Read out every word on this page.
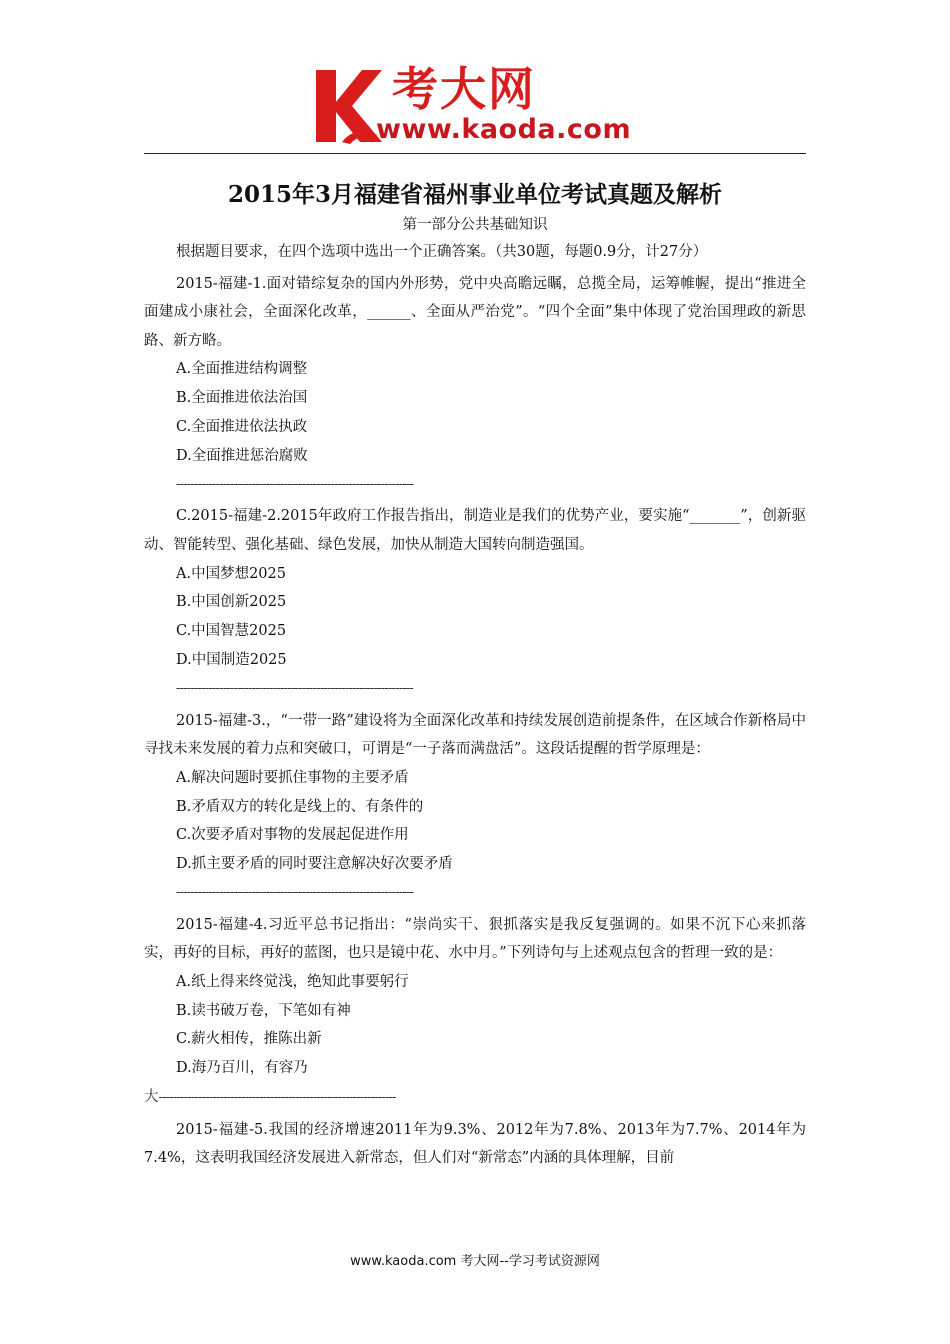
考大网
www.kaoda.com
2015年3月福建省福州事业单位考试真题及解析
第一部分公共基础知识

根据题目要求，在四个选项中选出一个正确答案。（共30题，每题0.9分，计27分）

2015-福建-1.面对错综复杂的国内外形势，党中央高瞻远瞩，总揽全局，运筹帷幄，提出“推进全面建成小康社会，全面深化改革，______、全面从严治党”。“四个全面”集中体现了党治国理政的新思路、新方略。

A.全面推进结构调整

B.全面推进依法治国

C.全面推进依法执政

D.全面推进惩治腐败

------------------------------------------------------------------

C.2015-福建-2.2015年政府工作报告指出，制造业是我们的优势产业，要实施“_______”，创新驱动、智能转型、强化基础、绿色发展，加快从制造大国转向制造强国。

A.中国梦想2025

B.中国创新2025

C.中国智慧2025

D.中国制造2025

------------------------------------------------------------------

2015-福建-3.，“一带一路”建设将为全面深化改革和持续发展创造前提条件，在区域合作新格局中寻找未来发展的着力点和突破口，可谓是“一子落而满盘活”。这段话提醒的哲学原理是：

A.解决问题时要抓住事物的主要矛盾

B.矛盾双方的转化是线上的、有条件的

C.次要矛盾对事物的发展起促进作用

D.抓主要矛盾的同时要注意解决好次要矛盾

------------------------------------------------------------------

2015-福建-4.习近平总书记指出：“崇尚实干、狠抓落实是我反复强调的。如果不沉下心来抓落实，再好的目标，再好的蓝图，也只是镜中花、水中月。”下列诗句与上述观点包含的哲理一致的是：

A.纸上得来终觉浅，绝知此事要躬行

B.读书破万卷，下笔如有神

C.薪火相传，推陈出新

D.海乃百川，有容乃

大------------------------------------------------------------------

2015-福建-5.我国的经济增速2011年为9.3%、2012年为7.8%、2013年为7.7%、2014年为7.4%，这表明我国经济发展进入新常态，但人们对“新常态”内涵的具体理解，目前

www.kaoda.com 考大网--学习考试资源网
